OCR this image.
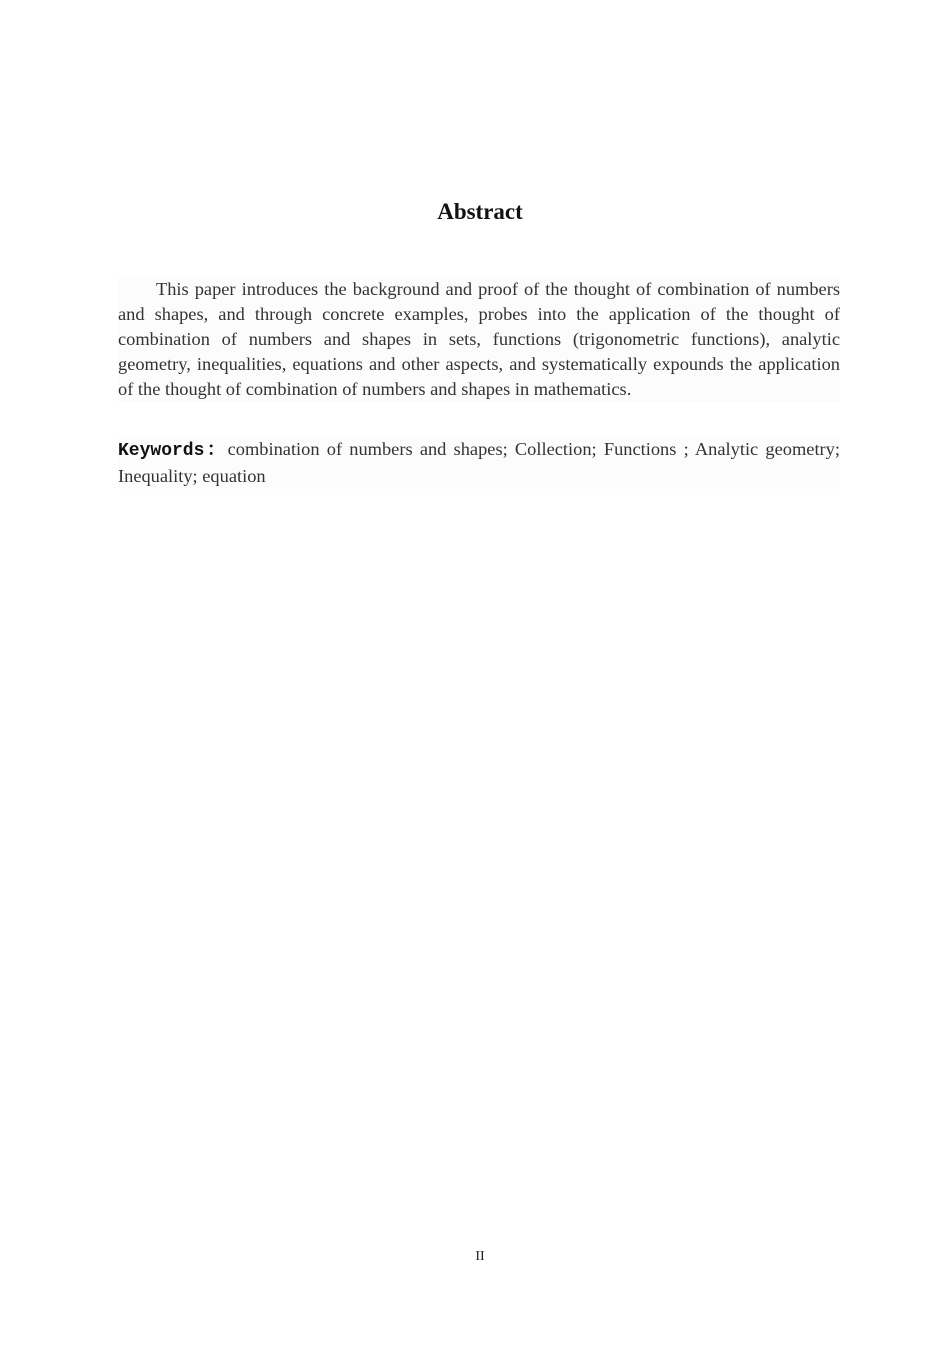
Abstract

This paper introduces the background and proof of the thought of combination of numbers and shapes, and through concrete examples, probes into the application of the thought of combination of numbers and shapes in sets, functions (trigonometric functions), analytic geometry, inequalities, equations and other aspects, and systematically expounds the application of the thought of combination of numbers and shapes in mathematics.

Keywords：combination of numbers and shapes; Collection; Functions ; Analytic geometry; Inequality; equation

II
